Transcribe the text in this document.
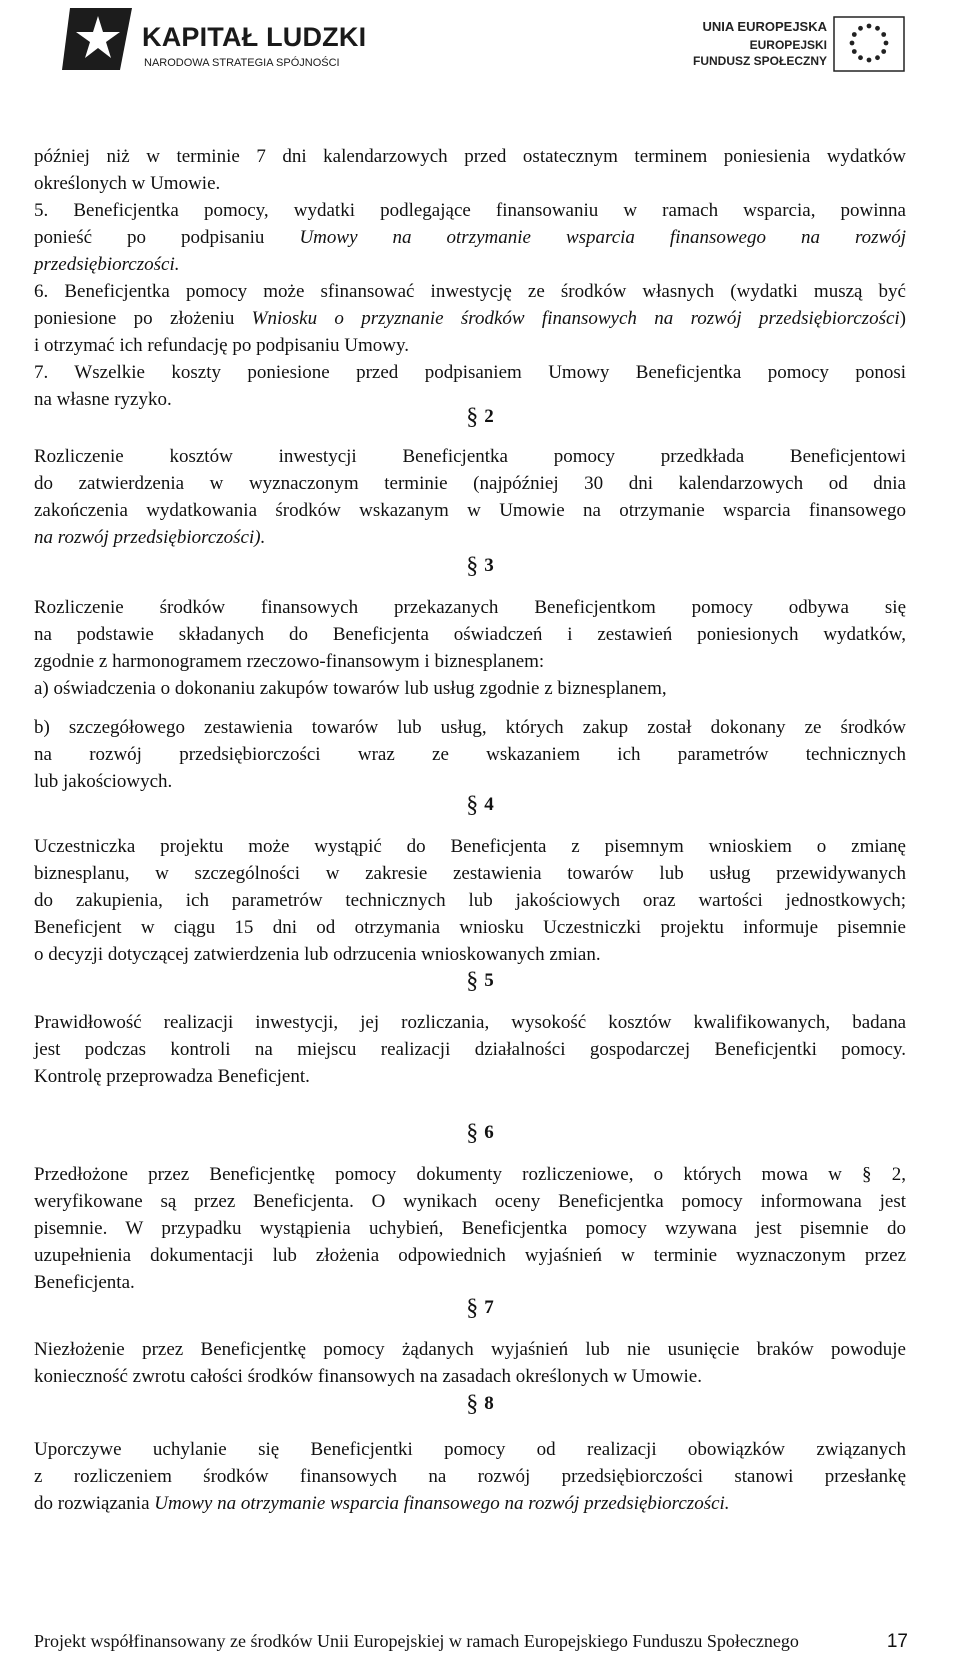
KAPITAŁ LUDZKI
NARODOWA STRATEGIA SPÓJNOŚCI
UNIA EUROPEJSKA
EUROPEJSKI
FUNDUSZ SPOŁECZNY
później niż w terminie 7 dni kalendarzowych przed ostatecznym terminem poniesienia wydatków
określonych w Umowie.
5. Beneficjentka pomocy, wydatki podlegające finansowaniu w ramach wsparcia, powinna
ponieść po podpisaniu Umowy na otrzymanie wsparcia finansowego na rozwój
przedsiębiorczości.
6. Beneficjentka pomocy może sfinansować inwestycję ze środków własnych (wydatki muszą być
poniesione po złożeniu Wniosku o przyznanie środków finansowych na rozwój przedsiębiorczości)
i otrzymać ich refundację po podpisaniu Umowy.
7. Wszelkie koszty poniesione przed podpisaniem Umowy Beneficjentka pomocy ponosi
na własne ryzyko.
§ 2
Rozliczenie kosztów inwestycji Beneficjentka pomocy przedkłada Beneficjentowi
do zatwierdzenia w wyznaczonym terminie (najpóźniej 30 dni kalendarzowych od dnia
zakończenia wydatkowania środków wskazanym w Umowie na otrzymanie wsparcia finansowego
na rozwój przedsiębiorczości).
§ 3
Rozliczenie środków finansowych przekazanych Beneficjentkom pomocy odbywa się
na podstawie składanych do Beneficjenta oświadczeń i zestawień poniesionych wydatków,
zgodnie z harmonogramem rzeczowo-finansowym i biznesplanem:
a) oświadczenia o dokonaniu zakupów towarów lub usług zgodnie z biznesplanem,
b) szczegółowego zestawienia towarów lub usług, których zakup został dokonany ze środków
na rozwój przedsiębiorczości wraz ze wskazaniem ich parametrów technicznych
lub jakościowych.
§ 4
Uczestniczka projektu może wystąpić do Beneficjenta z pisemnym wnioskiem o zmianę
biznesplanu, w szczególności w zakresie zestawienia towarów lub usług przewidywanych
do zakupienia, ich parametrów technicznych lub jakościowych oraz wartości jednostkowych;
Beneficjent w ciągu 15 dni od otrzymania wniosku Uczestniczki projektu informuje pisemnie
o decyzji dotyczącej zatwierdzenia lub odrzucenia wnioskowanych zmian.
§ 5
Prawidłowość realizacji inwestycji, jej rozliczania, wysokość kosztów kwalifikowanych, badana
jest podczas kontroli na miejscu realizacji działalności gospodarczej Beneficjentki pomocy.
Kontrolę przeprowadza Beneficjent.
§ 6
Przedłożone przez Beneficjentkę pomocy dokumenty rozliczeniowe, o których mowa w § 2,
weryfikowane są przez Beneficjenta. O wynikach oceny Beneficjentka pomocy informowana jest
pisemnie. W przypadku wystąpienia uchybień, Beneficjentka pomocy wzywana jest pisemnie do
uzupełnienia dokumentacji lub złożenia odpowiednich wyjaśnień w terminie wyznaczonym przez
Beneficjenta.
§ 7
Niezłożenie przez Beneficjentkę pomocy żądanych wyjaśnień lub nie usunięcie braków powoduje
konieczność zwrotu całości środków finansowych na zasadach określonych w Umowie.
§ 8
Uporczywe uchylanie się Beneficjentki pomocy od realizacji obowiązków związanych
z rozliczeniem środków finansowych na rozwój przedsiębiorczości stanowi przesłankę
do rozwiązania Umowy na otrzymanie wsparcia finansowego na rozwój przedsiębiorczości.
Projekt współfinansowany ze środków Unii Europejskiej w ramach Europejskiego Funduszu Społecznego	17
